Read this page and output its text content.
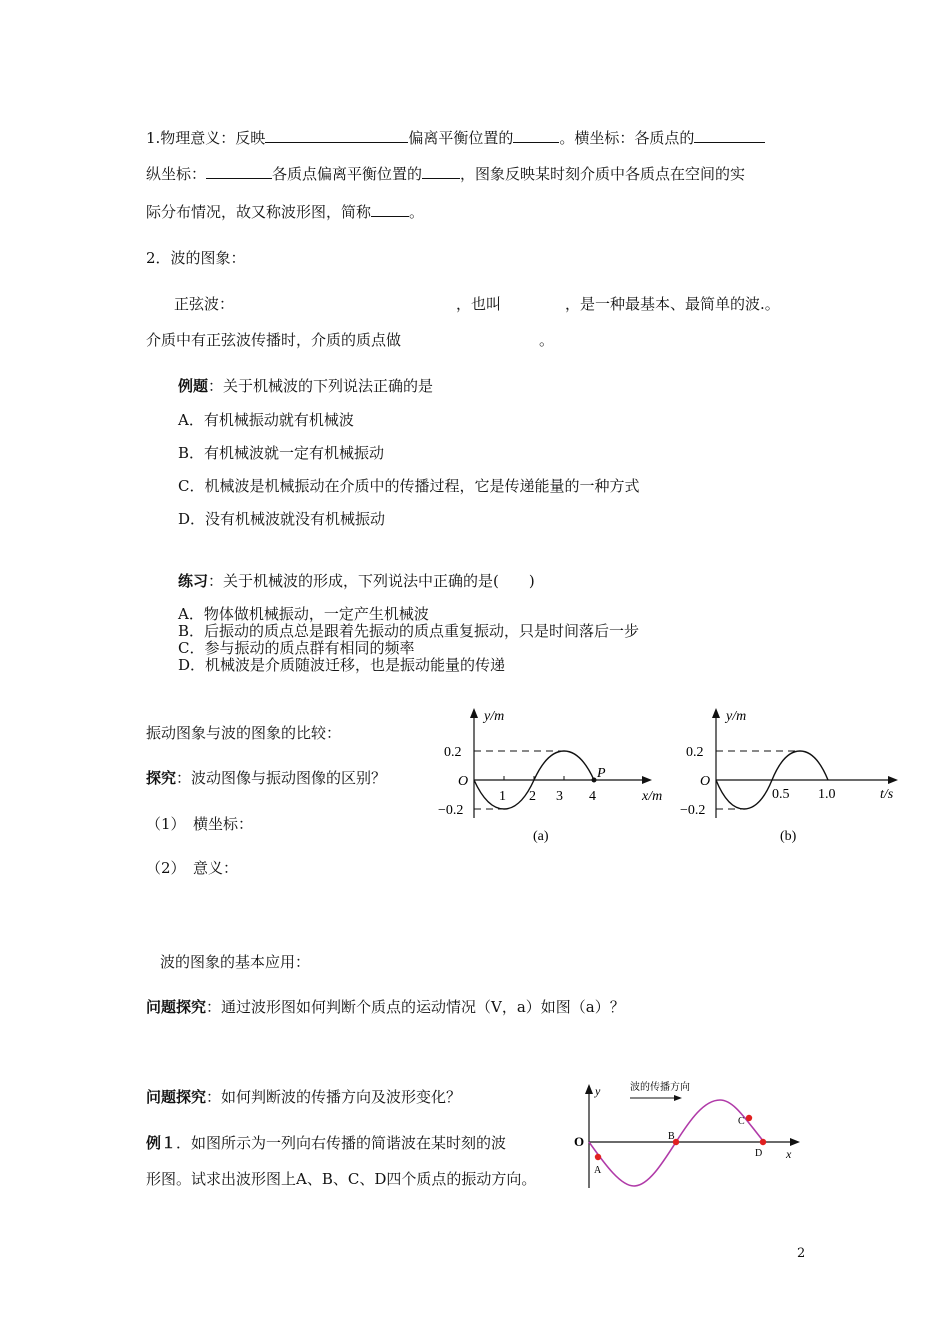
1.物理意义：反映	偏离平衡位置的	。横坐标：各质点的
纵坐标：	各质点偏离平衡位置的	，图象反映某时刻介质中各质点在空间的实
际分布情况，故又称波形图，简称	。
2．波的图象：
正弦波：	，也叫	，是一种最基本、最简单的波.。
介质中有正弦波传播时，介质的质点做	。
例题：关于机械波的下列说法正确的是
A．有机械振动就有机械波
B．有机械波就一定有机械振动
C．机械波是机械振动在介质中的传播过程，它是传递能量的一种方式
D．没有机械波就没有机械振动
练习：关于机械波的形成，下列说法中正确的是(　　)
A．物体做机械振动，一定产生机械波
B．后振动的质点总是跟着先振动的质点重复振动，只是时间落后一步
C．参与振动的质点群有相同的频率
D．机械波是介质随波迁移，也是振动能量的传递
振动图象与波的图象的比较：
探究：波动图像与振动图像的区别？
（1）　横坐标：
（2）　意义：
y/m
0.2
O
−0.2
1 2 3 4
P
x/m
(a)
y/m
0.2
O
−0.2
0.5 1.0	t/s
(b)
波的图象的基本应用：
问题探究：通过波形图如何判断个质点的运动情况（V，a）如图（a）？
问题探究：如何判断波的传播方向及波形变化？
例１．如图所示为一列向右传播的简谐波在某时刻的波
形图。试求出波形图上A、B、C、D四个质点的振动方向。
波的传播方向
y
O
x
A
B
C
D
2
